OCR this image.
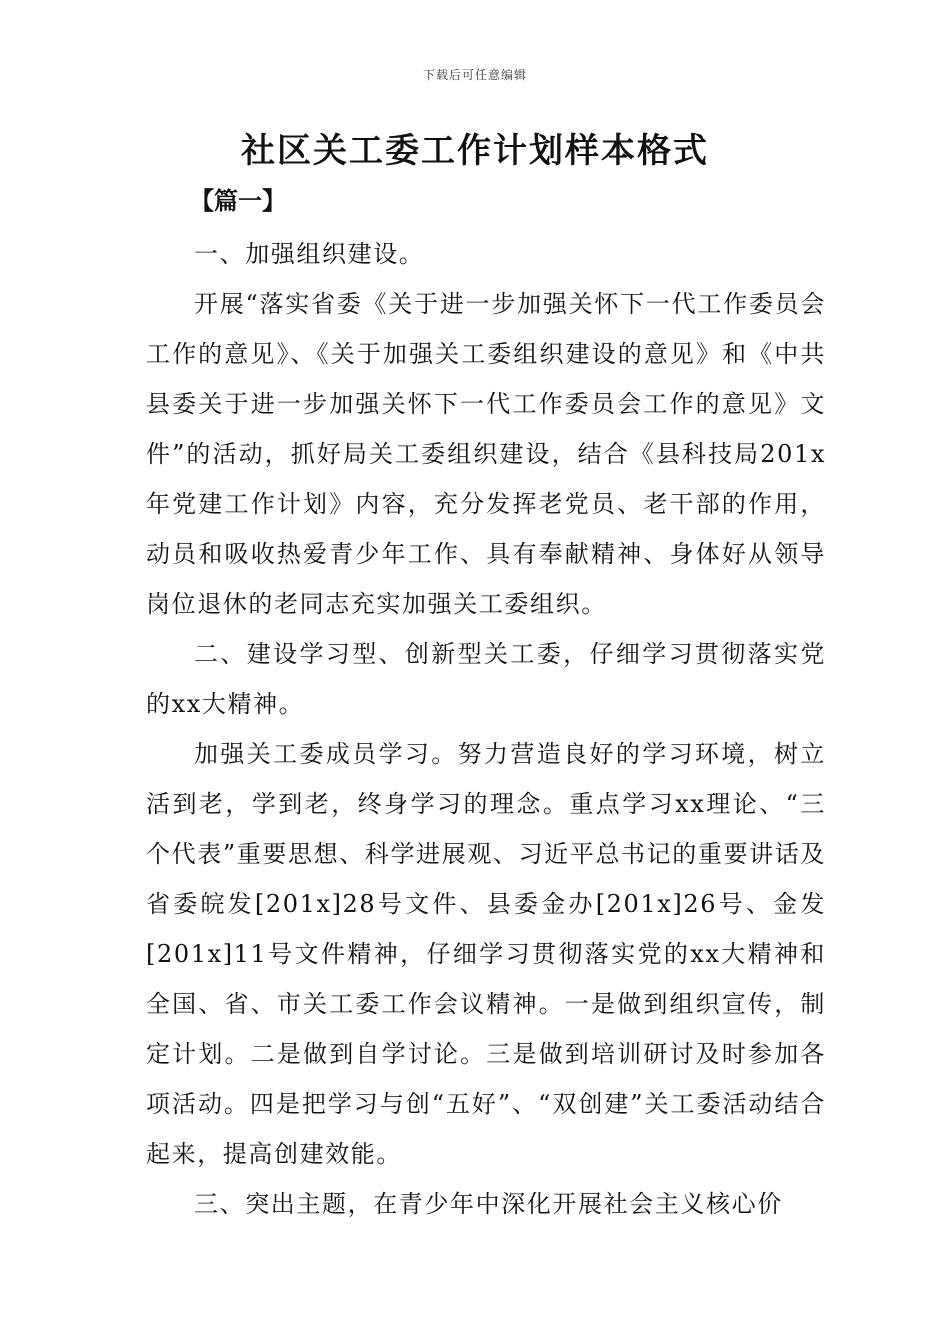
下载后可任意编辑
社区关工委工作计划样本格式
【篇一】

一、加强组织建设。

开展“落实省委《关于进一步加强关怀下一代工作委员会工作的意见》、《关于加强关工委组织建设的意见》和《中共县委关于进一步加强关怀下一代工作委员会工作的意见》文件”的活动，抓好局关工委组织建设，结合《县科技局201x年党建工作计划》内容，充分发挥老党员、老干部的作用，动员和吸收热爱青少年工作、具有奉献精神、身体好从领导岗位退休的老同志充实加强关工委组织。

二、建设学习型、创新型关工委，仔细学习贯彻落实党的xx大精神。

加强关工委成员学习。努力营造良好的学习环境，树立活到老，学到老，终身学习的理念。重点学习xx理论、“三个代表”重要思想、科学进展观、习近平总书记的重要讲话及省委皖发[201x]28号文件、县委金办[201x]26号、金发[201x]11号文件精神，仔细学习贯彻落实党的xx大精神和全国、省、市关工委工作会议精神。一是做到组织宣传，制定计划。二是做到自学讨论。三是做到培训研讨及时参加各项活动。四是把学习与创“五好”、“双创建”关工委活动结合起来，提高创建效能。

三、突出主题，在青少年中深化开展社会主义核心价
